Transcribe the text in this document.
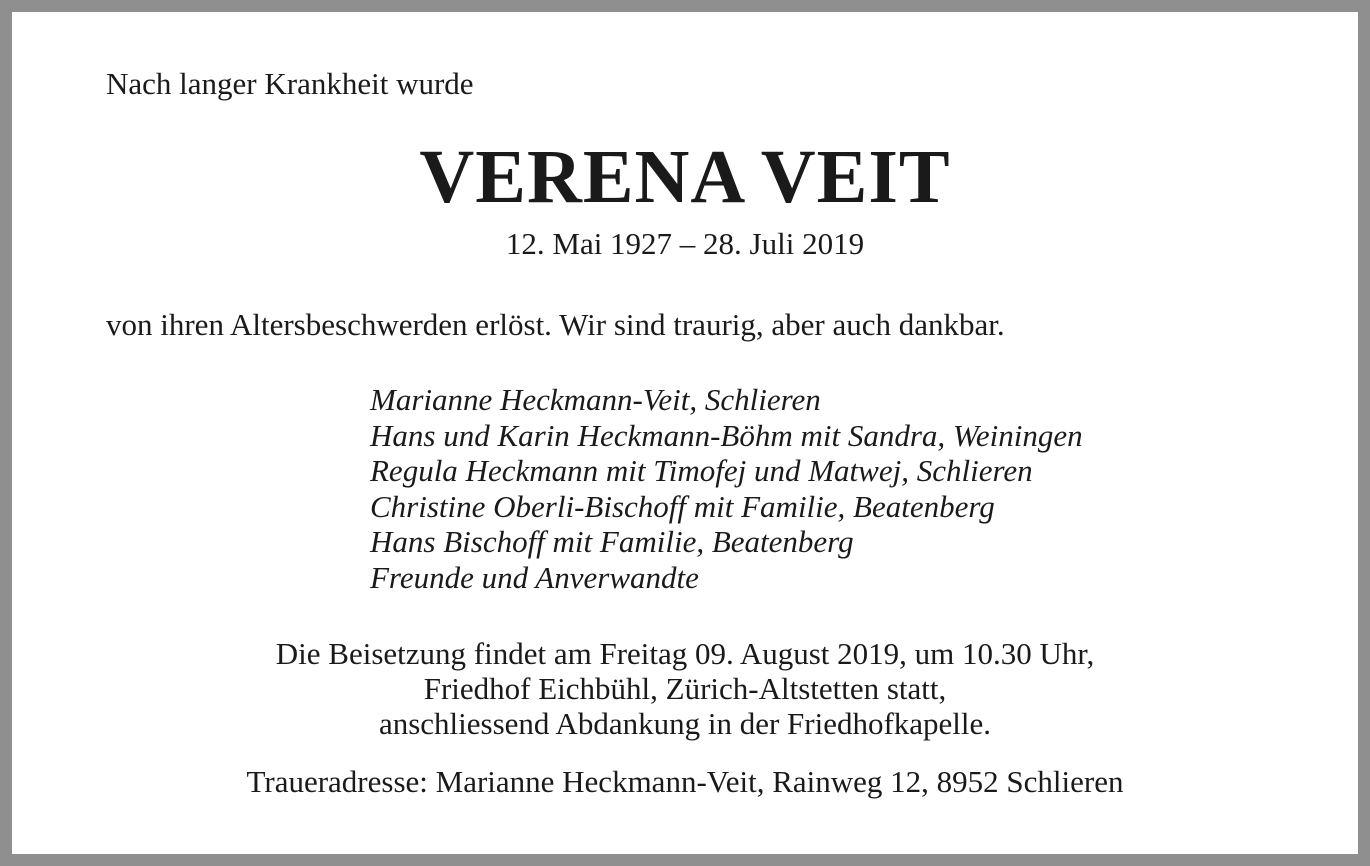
Nach langer Krankheit wurde

VERENA VEIT

12. Mai 1927 – 28. Juli 2019

von ihren Altersbeschwerden erlöst. Wir sind traurig, aber auch dankbar.

Marianne Heckmann-Veit, Schlieren
Hans und Karin Heckmann-Böhm mit Sandra, Weiningen
Regula Heckmann mit Timofej und Matwej, Schlieren
Christine Oberli-Bischoff mit Familie, Beatenberg
Hans Bischoff mit Familie, Beatenberg
Freunde und Anverwandte
Die Beisetzung findet am Freitag 09. August 2019, um 10.30 Uhr,
Friedhof Eichbühl, Zürich-Altstetten statt,
anschliessend Abdankung in der Friedhofkapelle.

Traueradresse: Marianne Heckmann-Veit, Rainweg 12, 8952 Schlieren
